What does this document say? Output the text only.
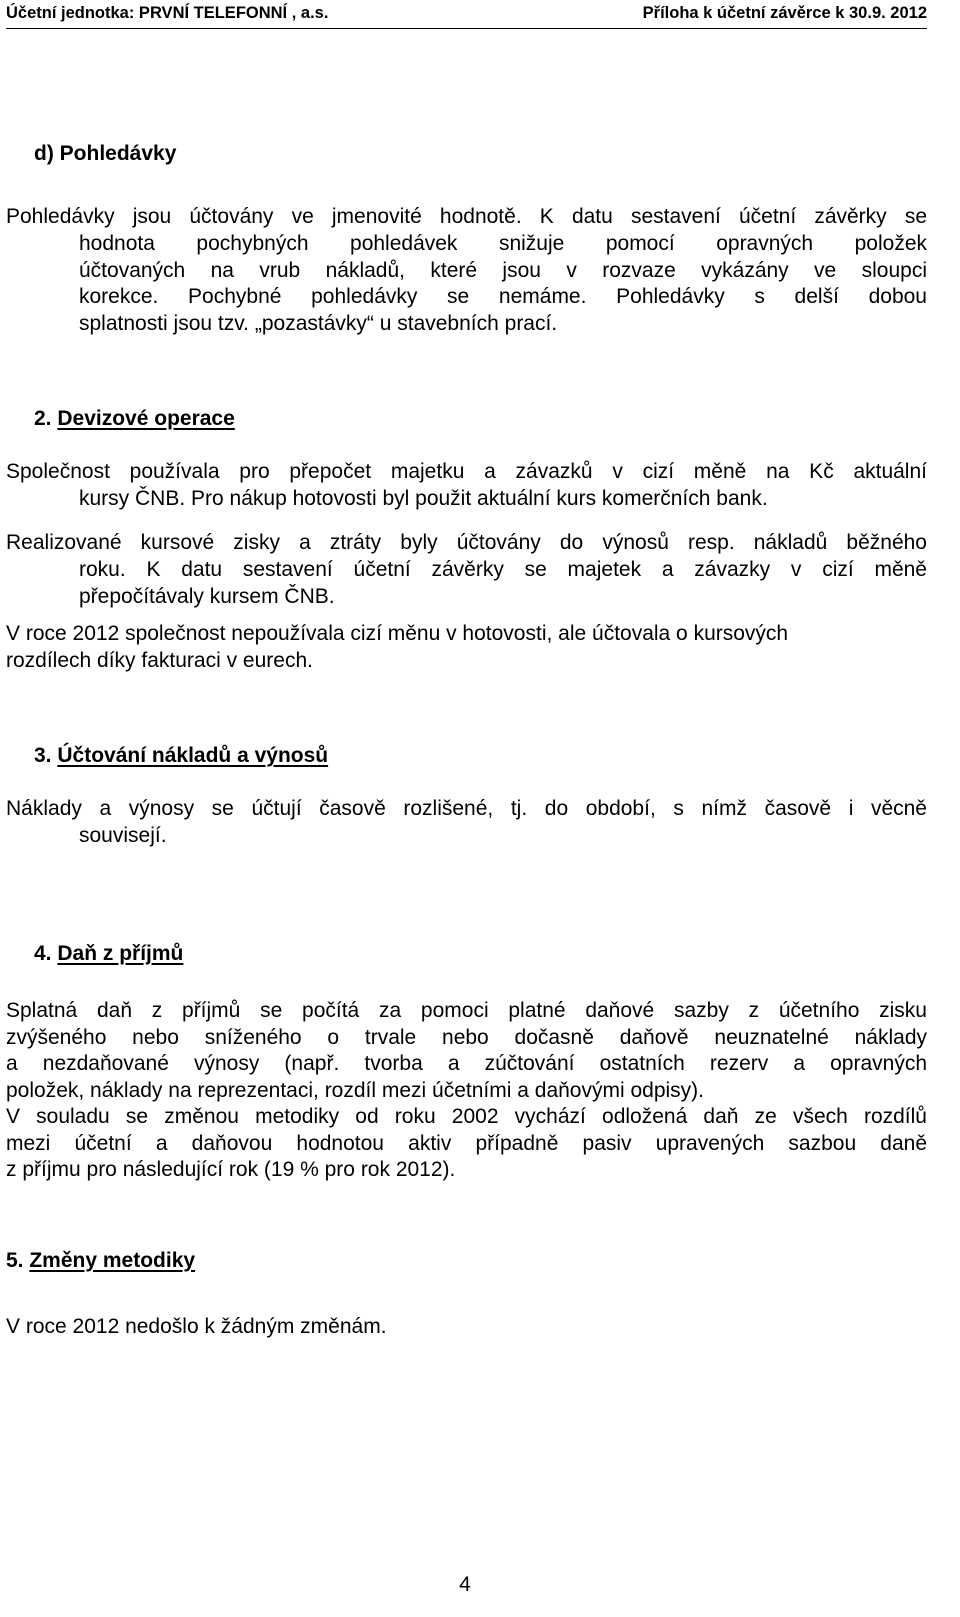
Účetní jednotka: PRVNÍ TELEFONNÍ , a.s.	Příloha k účetní závěrce k 30.9. 2012
d) Pohledávky
Pohledávky jsou účtovány ve jmenovité hodnotě. K datu sestavení účetní závěrky se
hodnota pochybných pohledávek snižuje pomocí opravných položek
účtovaných na vrub nákladů, které jsou v rozvaze vykázány ve sloupci
korekce. Pochybné pohledávky se nemáme. Pohledávky s delší dobou
splatnosti jsou tzv. „pozastávky“ u stavebních prací.
2. Devizové operace
Společnost používala pro přepočet majetku a závazků v cizí měně na Kč aktuální
kursy ČNB. Pro nákup hotovosti byl použit aktuální kurs komerčních bank.
Realizované kursové zisky a ztráty byly účtovány do výnosů resp. nákladů běžného
roku. K datu sestavení účetní závěrky se majetek a závazky v cizí měně
přepočítávaly kursem ČNB.
V roce 2012 společnost nepoužívala cizí měnu v hotovosti, ale účtovala o kursových
rozdílech díky fakturaci v eurech.
3. Účtování nákladů a výnosů
Náklady a výnosy se účtují časově rozlišené, tj. do období, s nímž časově i věcně
souvisejí.
4. Daň z příjmů
Splatná daň z příjmů se počítá za pomoci platné daňové sazby z účetního zisku
zvýšeného nebo sníženého o trvale nebo dočasně daňově neuznatelné náklady
a nezdaňované výnosy (např. tvorba a zúčtování ostatních rezerv a opravných
položek, náklady na reprezentaci, rozdíl mezi účetními a daňovými odpisy).
V souladu se změnou metodiky od roku 2002 vychází odložená daň ze všech rozdílů
mezi účetní a daňovou hodnotou aktiv případně pasiv upravených sazbou daně
z příjmu pro následující rok (19 % pro rok 2012).
5. Změny metodiky
V roce 2012 nedošlo k žádným změnám.
4
